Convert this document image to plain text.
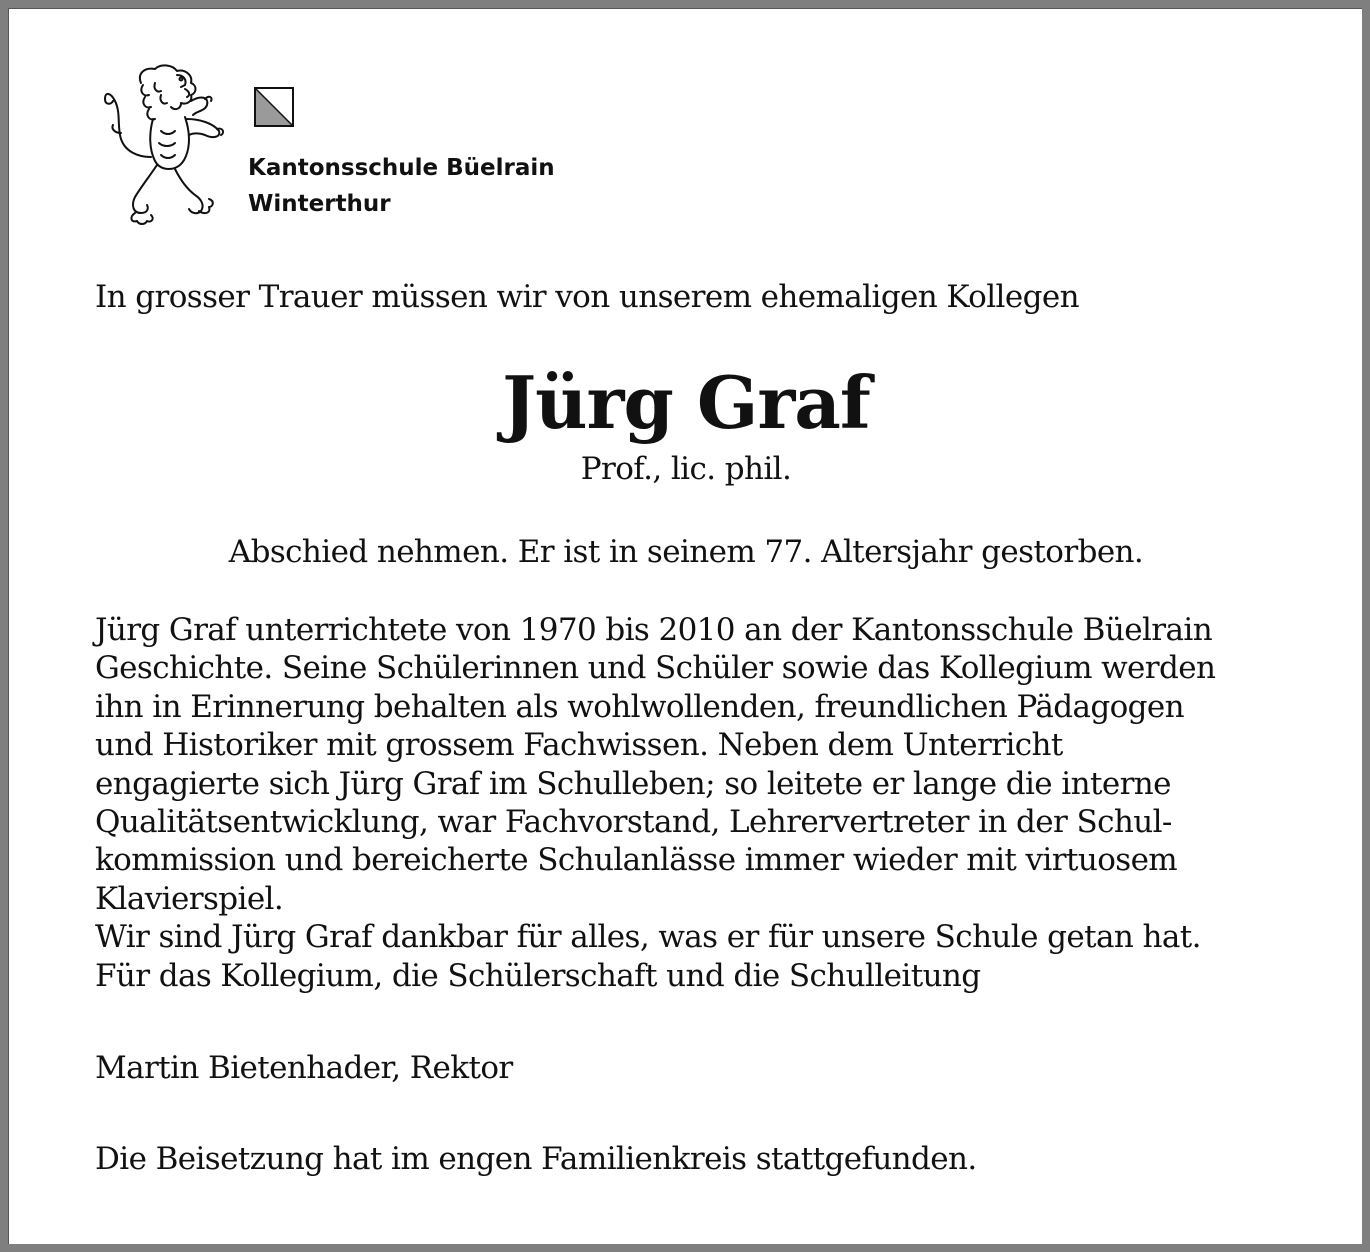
Kantonsschule Büelrain
Winterthur
In grosser Trauer müssen wir von unserem ehemaligen Kollegen
Jürg Graf
Prof., lic. phil.
Abschied nehmen. Er ist in seinem 77. Altersjahr gestorben.
Jürg Graf unterrichtete von 1970 bis 2010 an der Kantonsschule Büelrain
Geschichte. Seine Schülerinnen und Schüler sowie das Kollegium werden
ihn in Erinnerung behalten als wohlwollenden, freundlichen Pädagogen
und Historiker mit grossem Fachwissen. Neben dem Unterricht
engagierte sich Jürg Graf im Schulleben; so leitete er lange die interne
Qualitätsentwicklung, war Fachvorstand, Lehrervertreter in der Schul-
kommission und bereicherte Schulanlässe immer wieder mit virtuosem
Klavierspiel.
Wir sind Jürg Graf dankbar für alles, was er für unsere Schule getan hat.
Für das Kollegium, die Schülerschaft und die Schulleitung
Martin Bietenhader, Rektor
Die Beisetzung hat im engen Familienkreis stattgefunden.
